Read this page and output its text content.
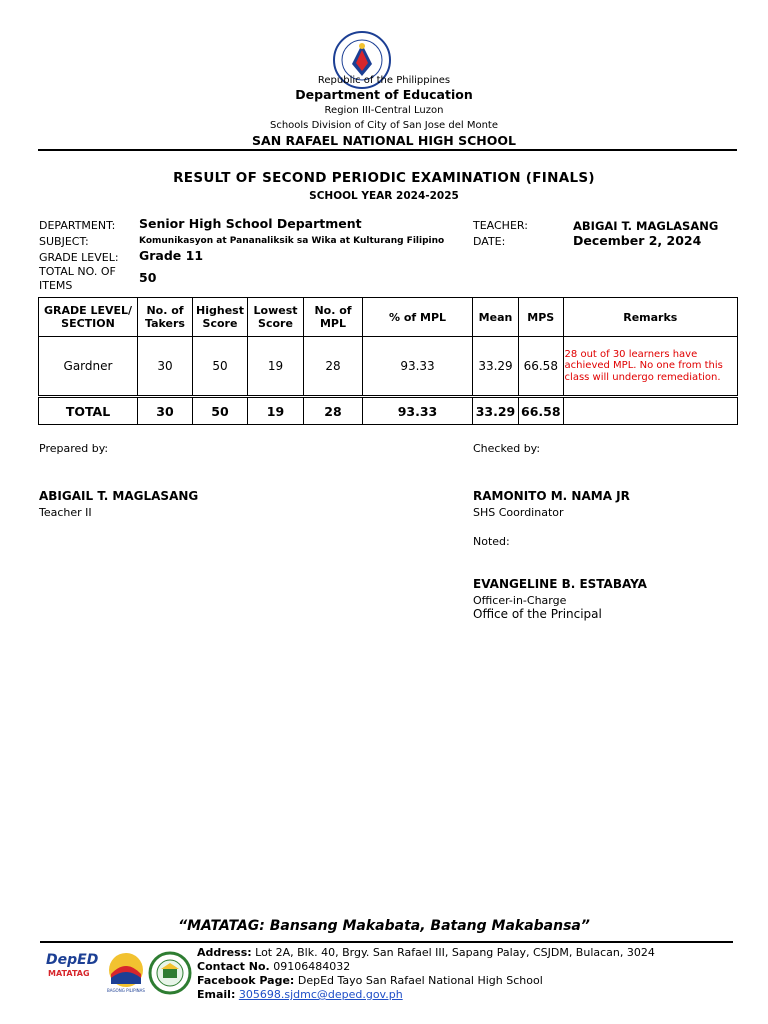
Republic of the Philippines
Department of Education
Region III-Central Luzon
Schools Division of City of San Jose del Monte
SAN RAFAEL NATIONAL HIGH SCHOOL
RESULT OF SECOND PERIODIC EXAMINATION (FINALS)
SCHOOL YEAR 2024-2025
DEPARTMENT: Senior High School Department
SUBJECT:	Komunikasyon at Pananaliksik sa Wika at Kulturang Filipino
GRADE LEVEL: Grade 11
TOTAL NO. OF
ITEMS
50
TEACHER:	ABIGAI T. MAGLASANG
DATE:	December 2, 2024
GRADE LEVEL/ SECTION	No. of Takers	Highest Score	Lowest Score	No. of MPL	% of MPL	Mean	MPS	Remarks
Gardner	30	50	19	28	93.33	33.29	66.58	28 out of 30 learners have achieved MPL. No one from this class will undergo remediation.
TOTAL	30	50	19	28	93.33	33.29	66.58	
Prepared by:
ABIGAIL T. MAGLASANG
Teacher II
Checked by:
RAMONITO M. NAMA JR
SHS Coordinator
Noted:
EVANGELINE B. ESTABAYA
Officer-in-Charge
Office of the Principal
“MATATAG: Bansang Makabata, Batang Makabansa”
DepED
MATATAG
BAGONG PILIPINAS
Address: Lot 2A, Blk. 40, Brgy. San Rafael III, Sapang Palay, CSJDM, Bulacan, 3024
Contact No. 09106484032
Facebook Page: DepEd Tayo San Rafael National High School
Email: 305698.sjdmc@deped.gov.ph
